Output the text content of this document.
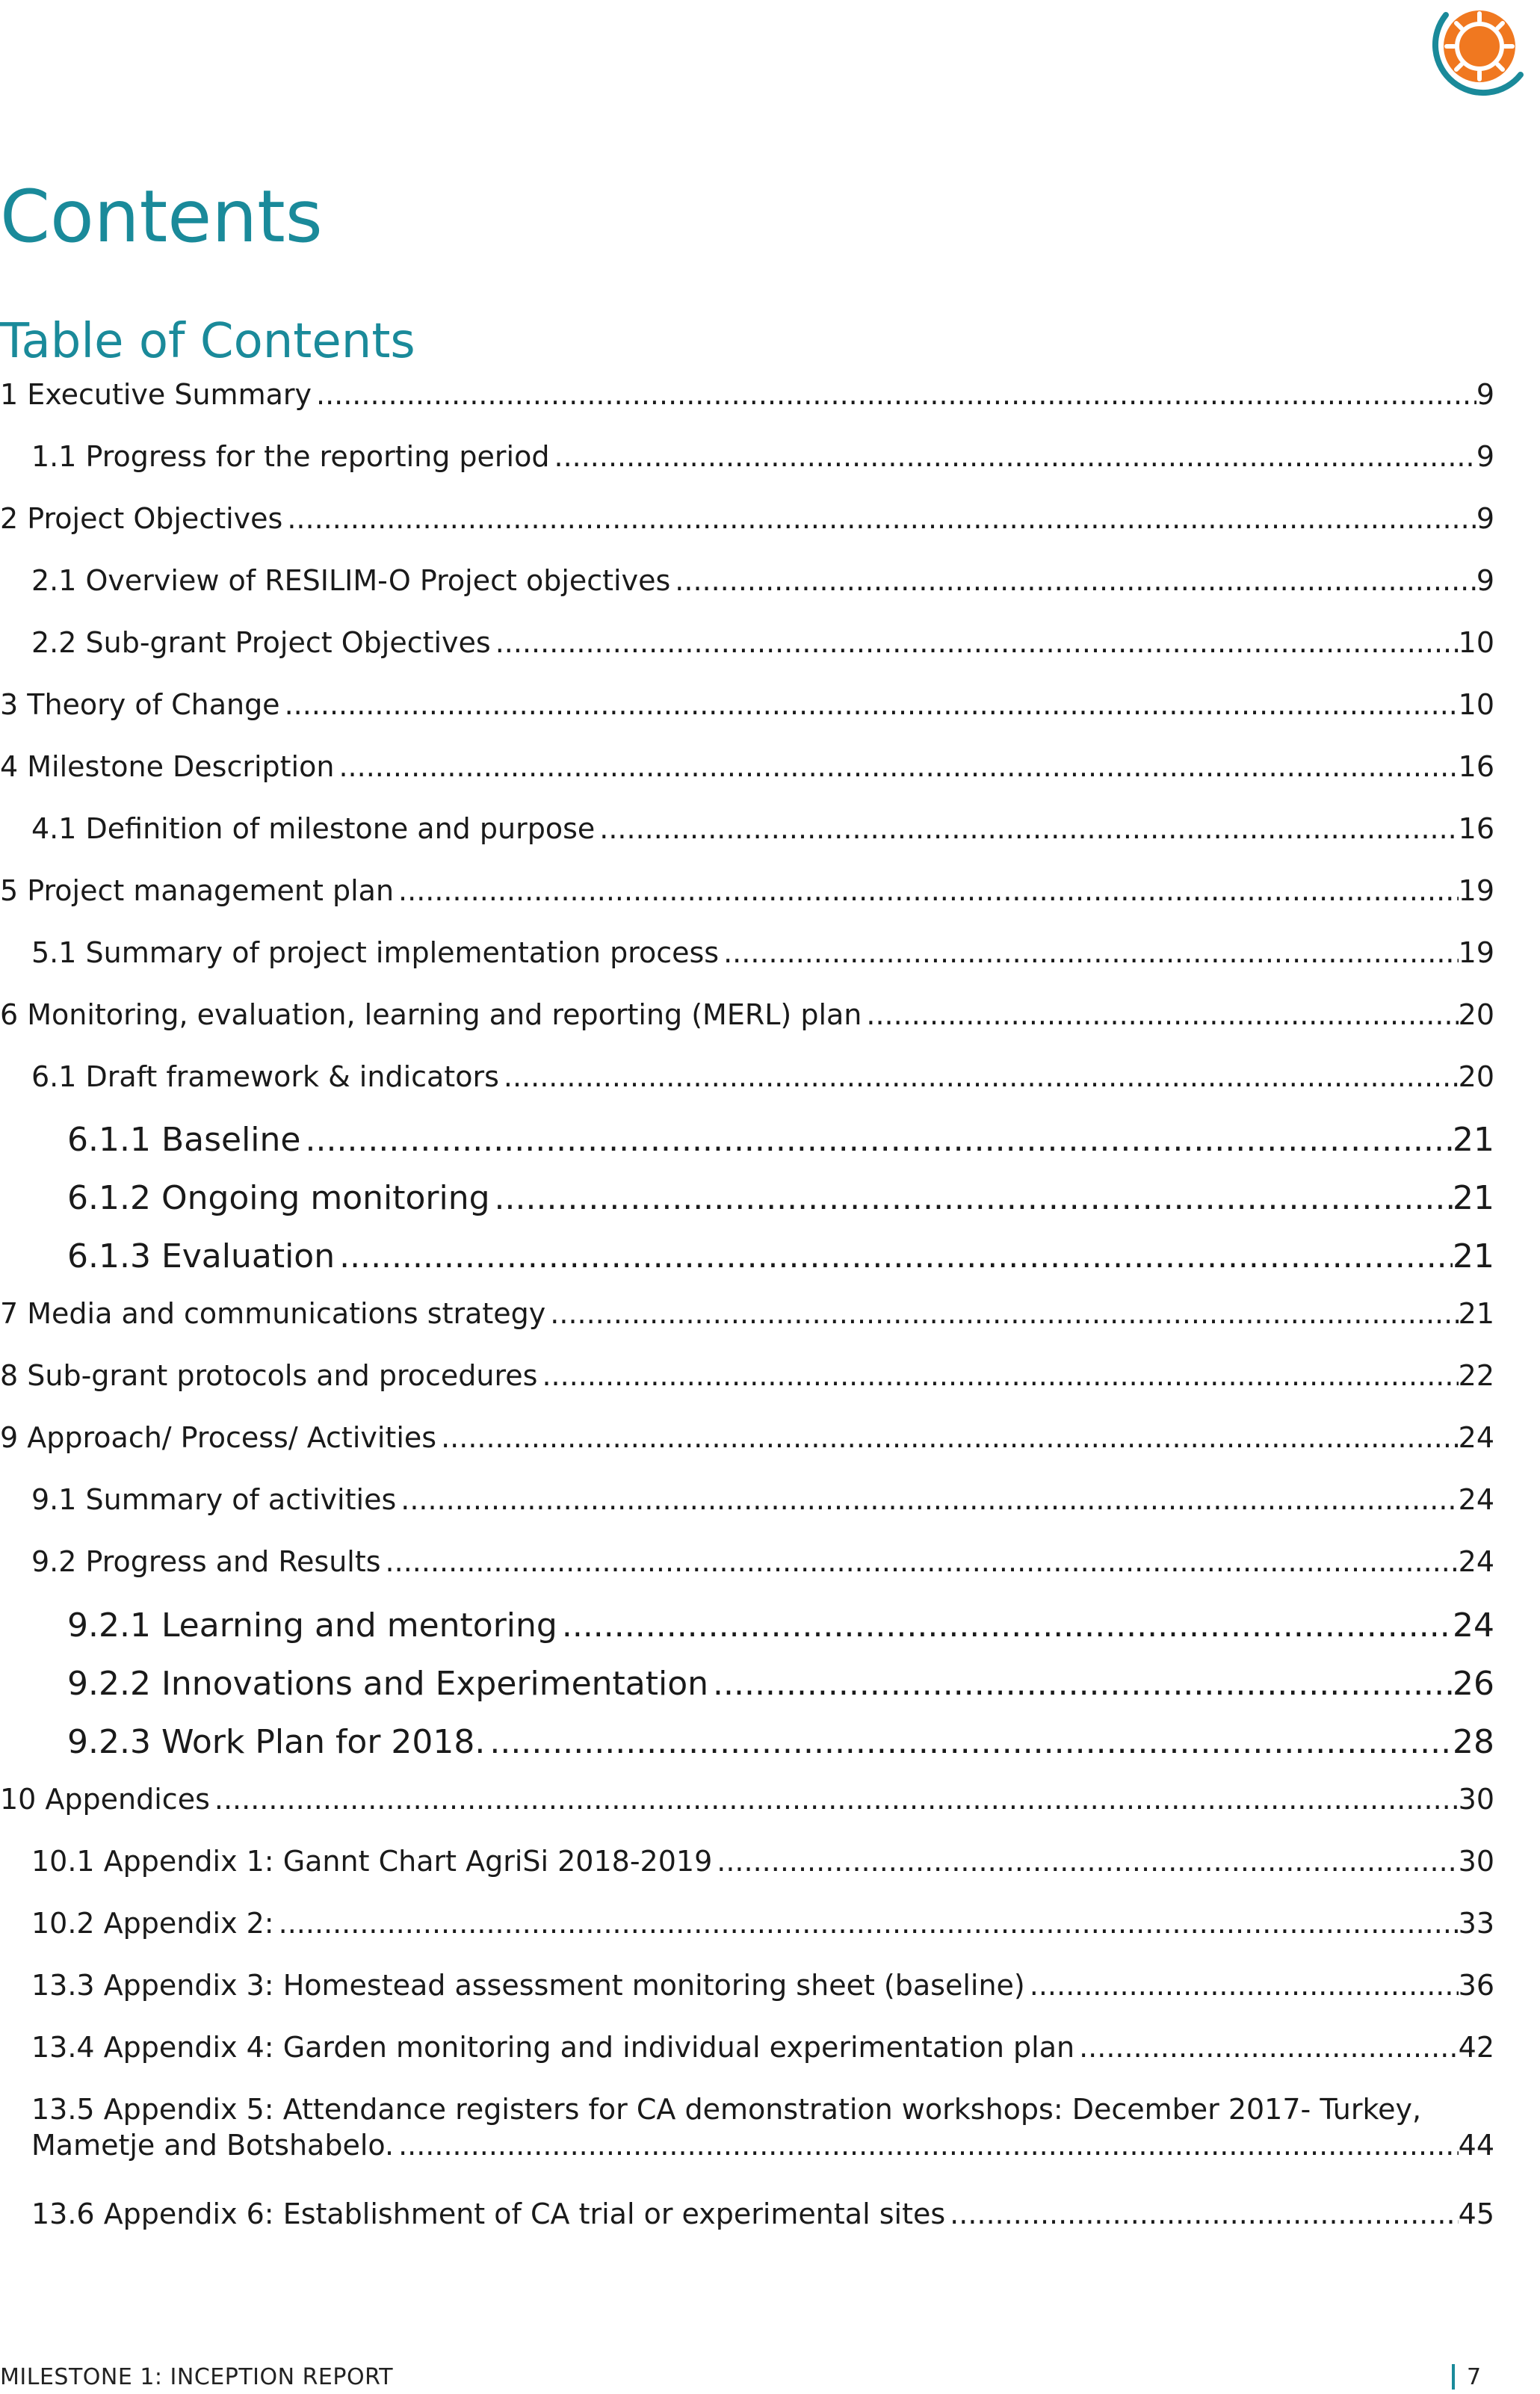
Contents
Table of Contents
1 Executive Summary .....	9
1.1 Progress for the reporting period .....	9
2 Project Objectives .....	9
2.1 Overview of RESILIM-O Project objectives .....	9
2.2 Sub-grant Project Objectives .....	10
3 Theory of Change .....	10
4 Milestone Description .....	16
4.1 Definition of milestone and purpose .....	16
5 Project management plan .....	19
5.1 Summary of project implementation process .....	19
6 Monitoring, evaluation, learning and reporting (MERL) plan .....	20
6.1 Draft framework & indicators .....	20
6.1.1 Baseline .....	21
6.1.2 Ongoing monitoring .....	21
6.1.3 Evaluation .....	21
7 Media and communications strategy .....	21
8 Sub-grant protocols and procedures .....	22
9 Approach/ Process/ Activities .....	24
9.1 Summary of activities .....	24
9.2 Progress and Results .....	24
9.2.1 Learning and mentoring .....	24
9.2.2 Innovations and Experimentation .....	26
9.2.3 Work Plan for 2018. .....	28
10 Appendices .....	30
10.1 Appendix 1: Gannt Chart AgriSi 2018-2019 .....	30
10.2 Appendix 2: .....	33
13.3 Appendix 3: Homestead assessment monitoring sheet (baseline) .....	36
13.4 Appendix 4: Garden monitoring and individual experimentation plan .....	42
13.5 Appendix 5: Attendance registers for CA demonstration workshops: December 2017- Turkey,
Mametje and Botshabelo. .....	44
13.6 Appendix 6: Establishment of CA trial or experimental sites .....	45
MILESTONE 1: INCEPTION REPORT	7
